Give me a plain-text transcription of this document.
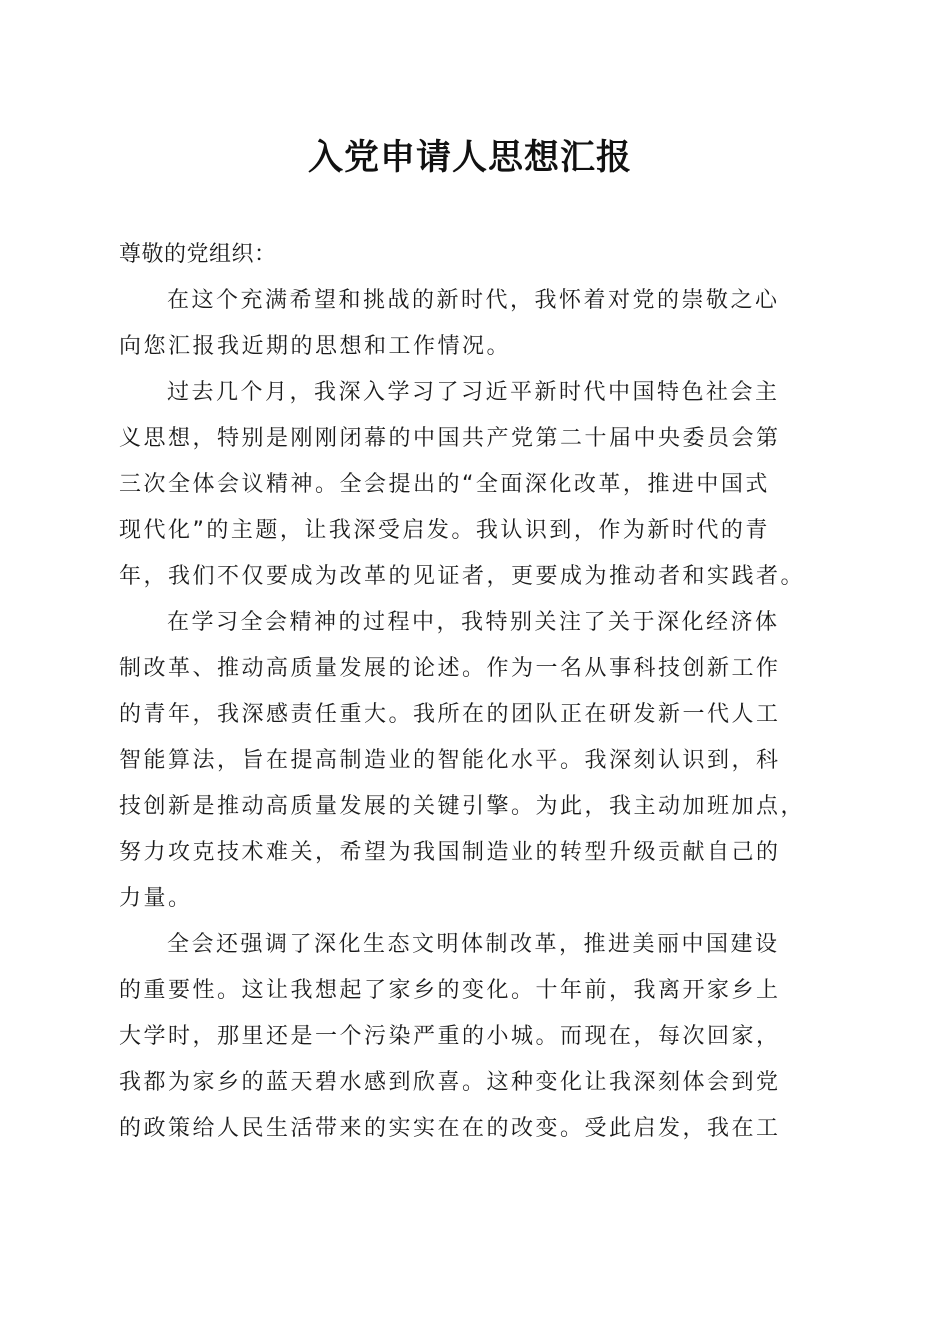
入党申请人思想汇报
尊敬的党组织：
在这个充满希望和挑战的新时代，我怀着对党的崇敬之心
向您汇报我近期的思想和工作情况。
过去几个月，我深入学习了习近平新时代中国特色社会主
义思想，特别是刚刚闭幕的中国共产党第二十届中央委员会第
三次全体会议精神。全会提出的“全面深化改革，推进中国式
现代化”的主题，让我深受启发。我认识到，作为新时代的青
年，我们不仅要成为改革的见证者，更要成为推动者和实践者。
在学习全会精神的过程中，我特别关注了关于深化经济体
制改革、推动高质量发展的论述。作为一名从事科技创新工作
的青年，我深感责任重大。我所在的团队正在研发新一代人工
智能算法，旨在提高制造业的智能化水平。我深刻认识到，科
技创新是推动高质量发展的关键引擎。为此，我主动加班加点，
努力攻克技术难关，希望为我国制造业的转型升级贡献自己的
力量。
全会还强调了深化生态文明体制改革，推进美丽中国建设
的重要性。这让我想起了家乡的变化。十年前，我离开家乡上
大学时，那里还是一个污染严重的小城。而现在，每次回家，
我都为家乡的蓝天碧水感到欣喜。这种变化让我深刻体会到党
的政策给人民生活带来的实实在在的改变。受此启发，我在工
